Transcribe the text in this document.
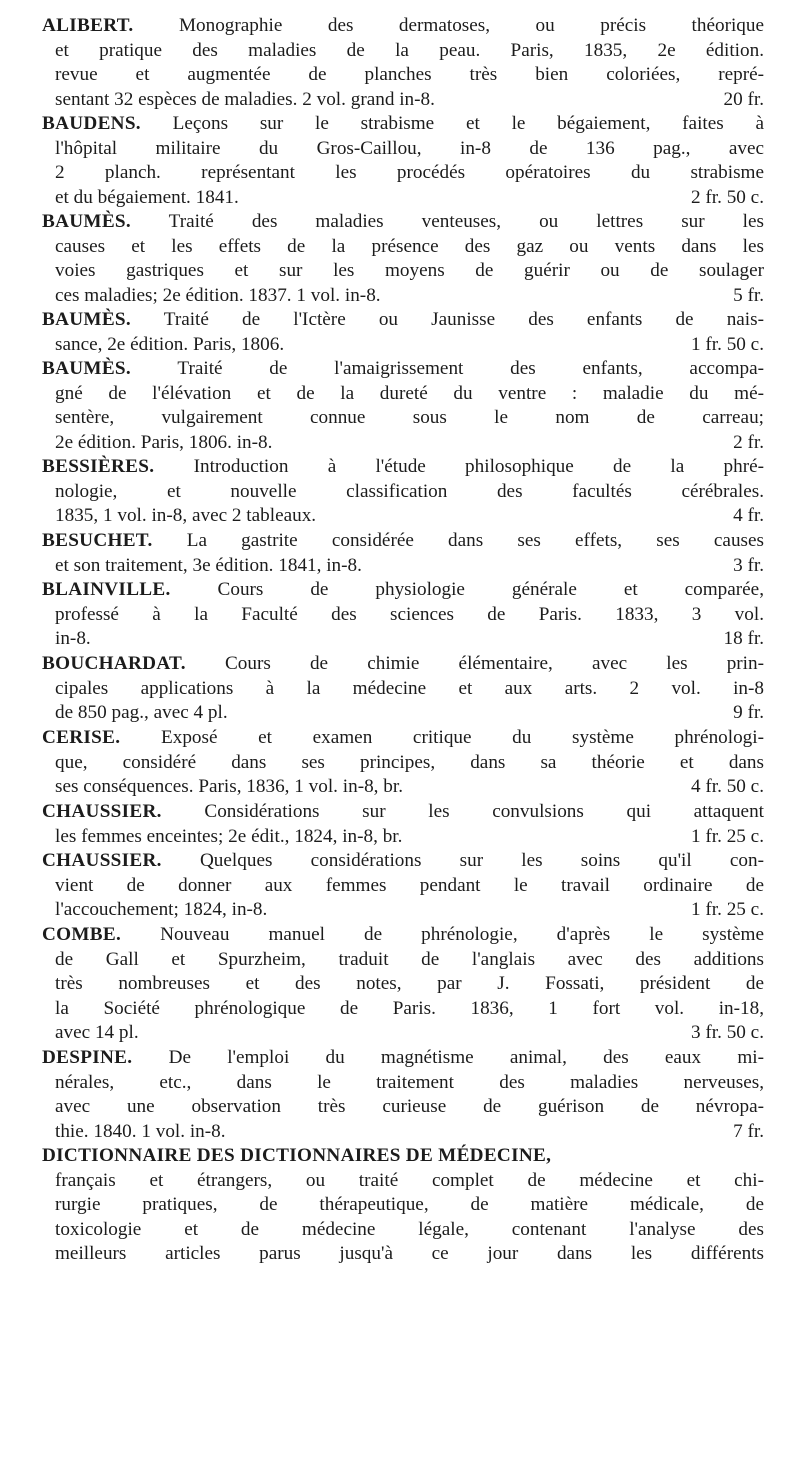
ALIBERT. Monographie des dermatoses, ou précis théorique
et pratique des maladies de la peau. Paris, 1835, 2e édition.
revue et augmentée de planches très bien coloriées, repré-
sentant 32 espèces de maladies. 2 vol. grand in-8.	20 fr.
BAUDENS. Leçons sur le strabisme et le bégaiement, faites à
l'hôpital militaire du Gros-Caillou, in-8 de 136 pag., avec
2 planch. représentant les procédés opératoires du strabisme
et du bégaiement. 1841.	2 fr. 50 c.
BAUMÈS. Traité des maladies venteuses, ou lettres sur les
causes et les effets de la présence des gaz ou vents dans les
voies gastriques et sur les moyens de guérir ou de soulager
ces maladies; 2e édition. 1837. 1 vol. in-8.	5 fr.
BAUMÈS. Traité de l'Ictère ou Jaunisse des enfants de nais-
sance, 2e édition. Paris, 1806.	1 fr. 50 c.
BAUMÈS. Traité de l'amaigrissement des enfants, accompa-
gné de l'élévation et de la dureté du ventre : maladie du mé-
sentère, vulgairement connue sous le nom de carreau;
2e édition. Paris, 1806. in-8.	2 fr.
BESSIÈRES. Introduction à l'étude philosophique de la phré-
nologie, et nouvelle classification des facultés cérébrales.
1835, 1 vol. in-8, avec 2 tableaux.	4 fr.
BESUCHET. La gastrite considérée dans ses effets, ses causes
et son traitement, 3e édition. 1841, in-8.	3 fr.
BLAINVILLE. Cours de physiologie générale et comparée,
professé à la Faculté des sciences de Paris. 1833, 3 vol.
in-8.	18 fr.
BOUCHARDAT. Cours de chimie élémentaire, avec les prin-
cipales applications à la médecine et aux arts. 2 vol. in-8
de 850 pag., avec 4 pl.	9 fr.
CERISE. Exposé et examen critique du système phrénologi-
que, considéré dans ses principes, dans sa théorie et dans
ses conséquences. Paris, 1836, 1 vol. in-8, br.	4 fr. 50 c.
CHAUSSIER. Considérations sur les convulsions qui attaquent
les femmes enceintes; 2e édit., 1824, in-8, br.	1 fr. 25 c.
CHAUSSIER. Quelques considérations sur les soins qu'il con-
vient de donner aux femmes pendant le travail ordinaire de
l'accouchement; 1824, in-8.	1 fr. 25 c.
COMBE. Nouveau manuel de phrénologie, d'après le système
de Gall et Spurzheim, traduit de l'anglais avec des additions
très nombreuses et des notes, par J. Fossati, président de
la Société phrénologique de Paris. 1836, 1 fort vol. in-18,
avec 14 pl.	3 fr. 50 c.
DESPINE. De l'emploi du magnétisme animal, des eaux mi-
nérales, etc., dans le traitement des maladies nerveuses,
avec une observation très curieuse de guérison de névropa-
thie. 1840. 1 vol. in-8.	7 fr.
DICTIONNAIRE DES DICTIONNAIRES DE MÉDECINE,
français et étrangers, ou traité complet de médecine et chi-
rurgie pratiques, de thérapeutique, de matière médicale, de
toxicologie et de médecine légale, contenant l'analyse des
meilleurs articles parus jusqu'à ce jour dans les différents
